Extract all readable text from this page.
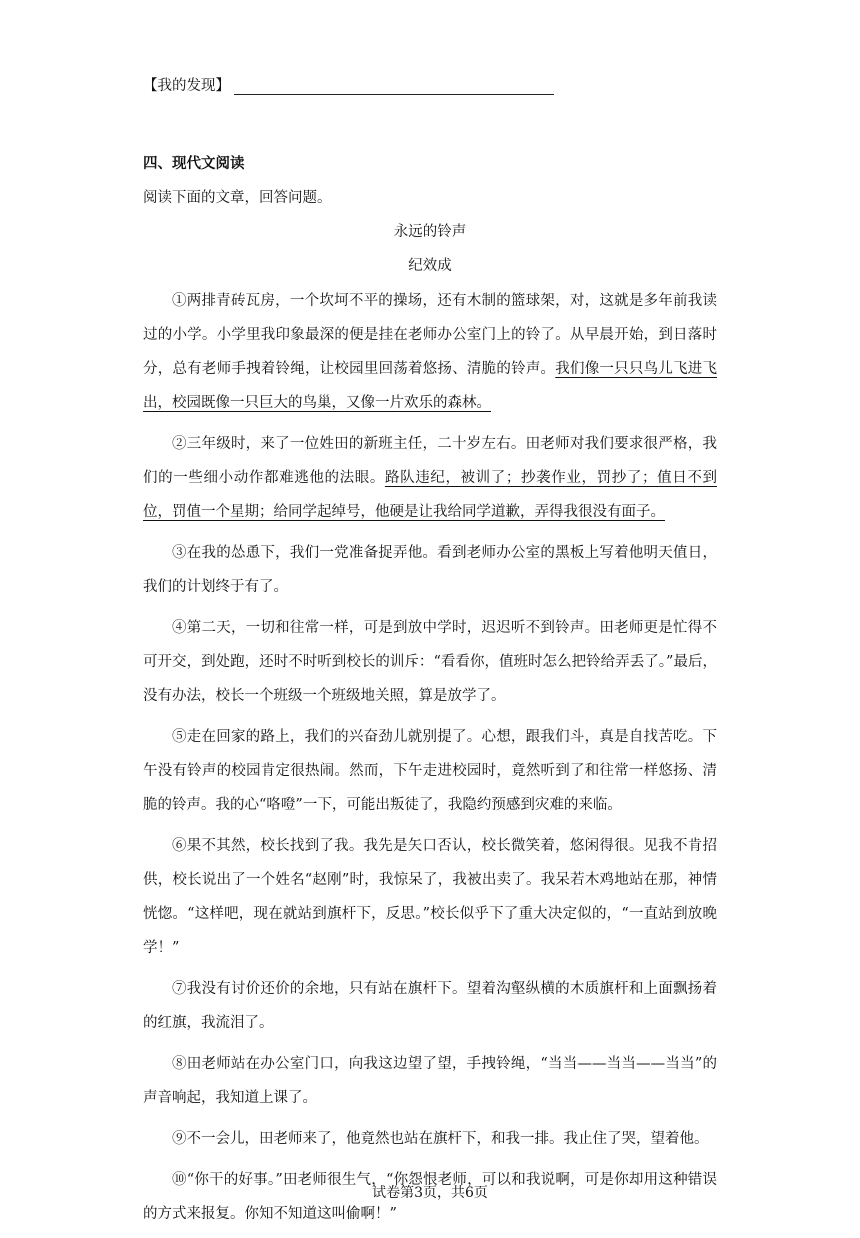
【我的发现】
四、现代文阅读
阅读下面的文章，回答问题。
永远的铃声
纪效成

①两排青砖瓦房，一个坎坷不平的操场，还有木制的篮球架，对，这就是多年前我读过的小学。小学里我印象最深的便是挂在老师办公室门上的铃了。从早晨开始，到日落时分，总有老师手拽着铃绳，让校园里回荡着悠扬、清脆的铃声。我们像一只只鸟儿飞进飞出，校园既像一只巨大的鸟巢，又像一片欢乐的森林。

②三年级时，来了一位姓田的新班主任，二十岁左右。田老师对我们要求很严格，我们的一些细小动作都难逃他的法眼。路队违纪，被训了；抄袭作业，罚抄了；值日不到位，罚值一个星期；给同学起绰号，他硬是让我给同学道歉，弄得我很没有面子。

③在我的怂恿下，我们一党准备捉弄他。看到老师办公室的黑板上写着他明天值日，我们的计划终于有了。

④第二天，一切和往常一样，可是到放中学时，迟迟听不到铃声。田老师更是忙得不可开交，到处跑，还时不时听到校长的训斥：“看看你，值班时怎么把铃给弄丢了。”最后，没有办法，校长一个班级一个班级地关照，算是放学了。

⑤走在回家的路上，我们的兴奋劲儿就别提了。心想，跟我们斗，真是自找苦吃。下午没有铃声的校园肯定很热闹。然而，下午走进校园时，竟然听到了和往常一样悠扬、清脆的铃声。我的心“咯噔”一下，可能出叛徒了，我隐约预感到灾难的来临。

⑥果不其然，校长找到了我。我先是矢口否认，校长微笑着，悠闲得很。见我不肯招供，校长说出了一个姓名“赵刚”时，我惊呆了，我被出卖了。我呆若木鸡地站在那，神情恍惚。“这样吧，现在就站到旗杆下，反思。”校长似乎下了重大决定似的，“一直站到放晚学！”

⑦我没有讨价还价的余地，只有站在旗杆下。望着沟壑纵横的木质旗杆和上面飘扬着的红旗，我流泪了。

⑧田老师站在办公室门口，向我这边望了望，手拽铃绳，“当当——当当——当当”的声音响起，我知道上课了。

⑨不一会儿，田老师来了，他竟然也站在旗杆下，和我一排。我止住了哭，望着他。

⑩“你干的好事。”田老师很生气，“你怨恨老师，可以和我说啊，可是你却用这种错误的方式来报复。你知不知道这叫偷啊！”

试卷第3页，共6页
